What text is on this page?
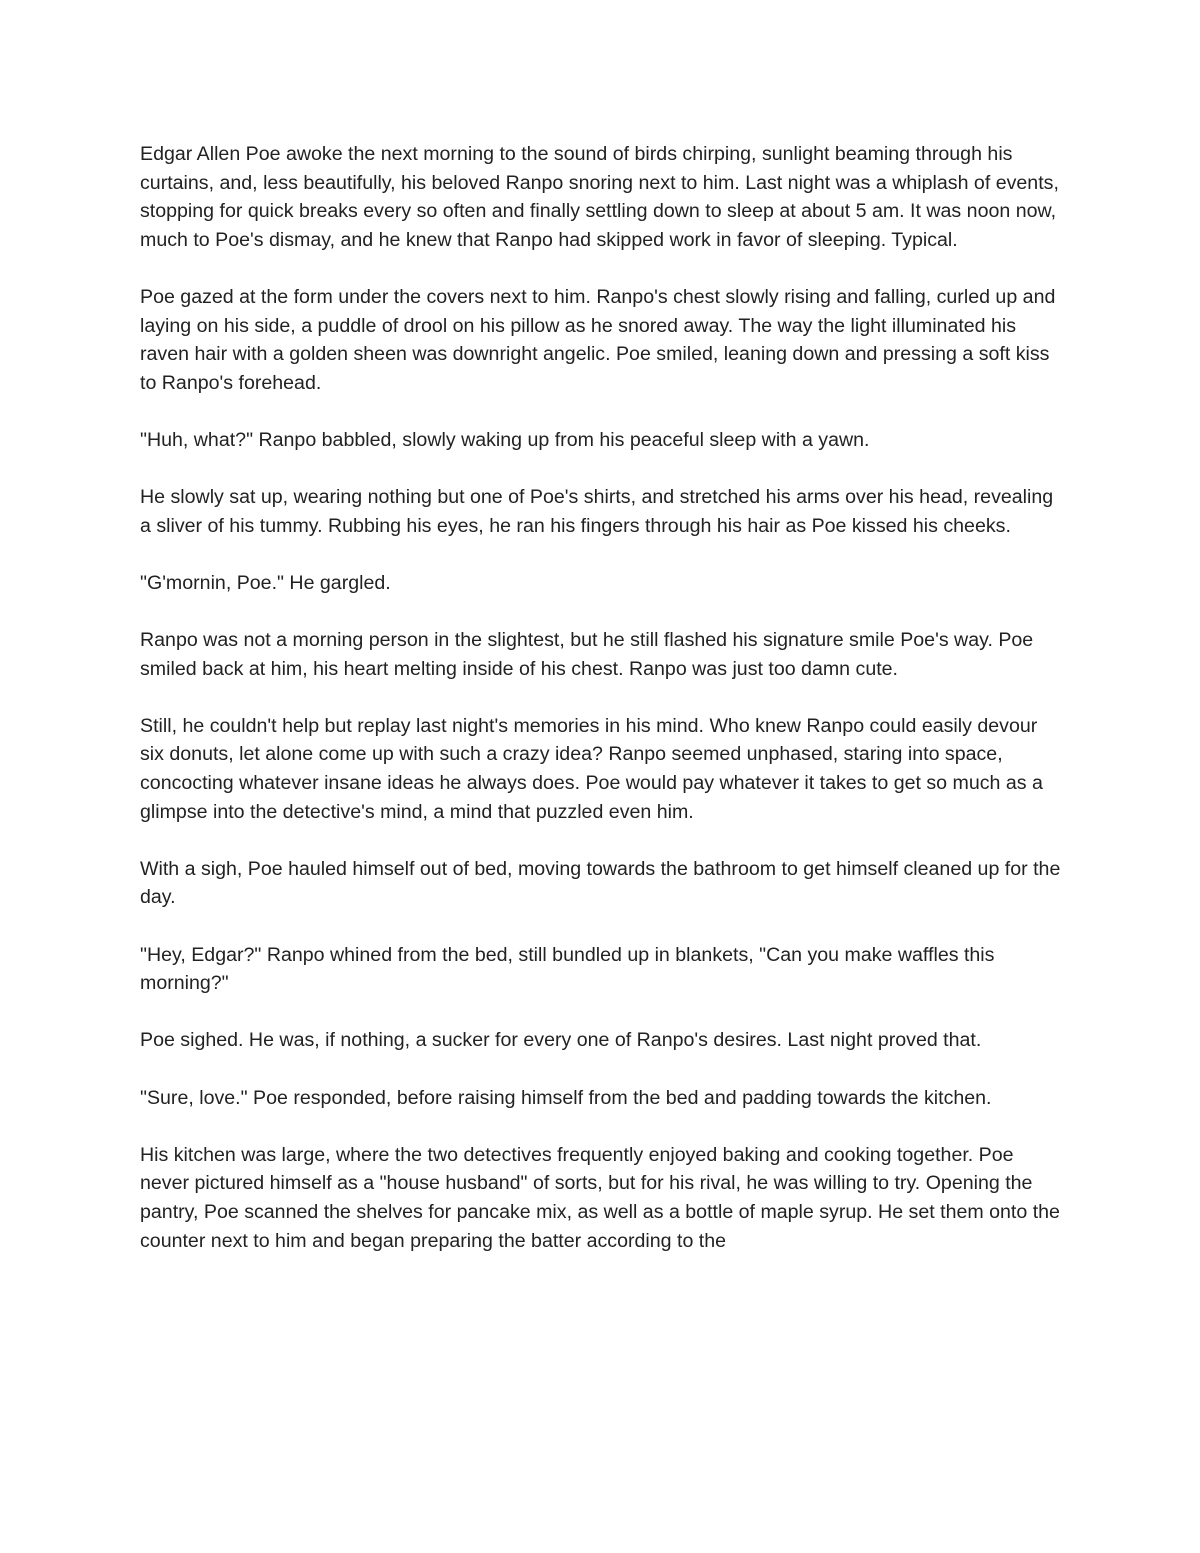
Edgar Allen Poe awoke the next morning to the sound of birds chirping, sunlight beaming through his curtains, and, less beautifully, his beloved Ranpo snoring next to him. Last night was a whiplash of events, stopping for quick breaks every so often and finally settling down to sleep at about 5 am. It was noon now, much to Poe's dismay, and he knew that Ranpo had skipped work in favor of sleeping. Typical.

Poe gazed at the form under the covers next to him. Ranpo's chest slowly rising and falling, curled up and laying on his side, a puddle of drool on his pillow as he snored away. The way the light illuminated his raven hair with a golden sheen was downright angelic. Poe smiled, leaning down and pressing a soft kiss to Ranpo's forehead.

"Huh, what?" Ranpo babbled, slowly waking up from his peaceful sleep with a yawn.

He slowly sat up, wearing nothing but one of Poe's shirts, and stretched his arms over his head, revealing a sliver of his tummy. Rubbing his eyes, he ran his fingers through his hair as Poe kissed his cheeks.

"G'mornin, Poe." He gargled.

Ranpo was not a morning person in the slightest, but he still flashed his signature smile Poe's way. Poe smiled back at him, his heart melting inside of his chest. Ranpo was just too damn cute.

Still, he couldn't help but replay last night's memories in his mind. Who knew Ranpo could easily devour six donuts, let alone come up with such a crazy idea? Ranpo seemed unphased, staring into space, concocting whatever insane ideas he always does. Poe would pay whatever it takes to get so much as a glimpse into the detective's mind, a mind that puzzled even him.

With a sigh, Poe hauled himself out of bed, moving towards the bathroom to get himself cleaned up for the day.

"Hey, Edgar?" Ranpo whined from the bed, still bundled up in blankets, "Can you make waffles this morning?"

Poe sighed. He was, if nothing, a sucker for every one of Ranpo's desires. Last night proved that.

"Sure, love." Poe responded, before raising himself from the bed and padding towards the kitchen.

His kitchen was large, where the two detectives frequently enjoyed baking and cooking together. Poe never pictured himself as a "house husband" of sorts, but for his rival, he was willing to try. Opening the pantry, Poe scanned the shelves for pancake mix, as well as a bottle of maple syrup. He set them onto the counter next to him and began preparing the batter according to the
